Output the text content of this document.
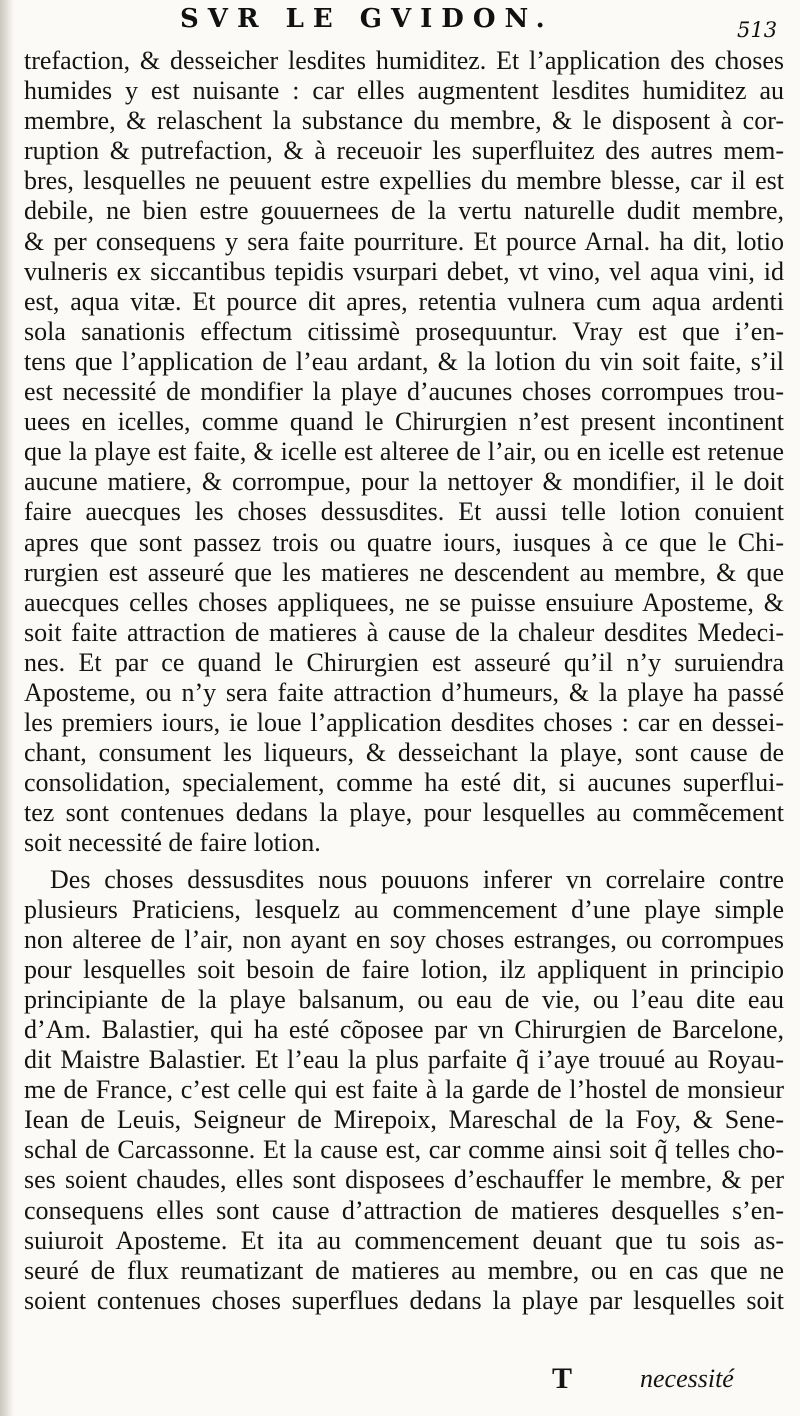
SVR LE GVIDON.	513
trefaction, & desseicher lesdites humiditez. Et l’application des choses
humides y est nuisante : car elles augmentent lesdites humiditez au
membre, & relaschent la substance du membre, & le disposent à cor-
ruption & putrefaction, & à receuoir les superfluitez des autres mem-
bres, lesquelles ne peuuent estre expellies du membre blesse, car il est
debile, ne bien estre gouuernees de la vertu naturelle dudit membre,
& per consequens y sera faite pourriture. Et pource Arnal. ha dit, lotio
vulneris ex siccantibus tepidis vsurpari debet, vt vino, vel aqua vini, id
est, aqua vitæ. Et pource dit apres, retentia vulnera cum aqua ardenti
sola sanationis effectum citissimè prosequuntur. Vray est que i’en-
tens que l’application de l’eau ardant, & la lotion du vin soit faite, s’il
est necessité de mondifier la playe d’aucunes choses corrompues trou-
uees en icelles, comme quand le Chirurgien n’est present incontinent
que la playe est faite, & icelle est alteree de l’air, ou en icelle est retenue
aucune matiere, & corrompue, pour la nettoyer & mondifier, il le doit
faire auecques les choses dessusdites. Et aussi telle lotion conuient
apres que sont passez trois ou quatre iours, iusques à ce que le Chi-
rurgien est asseuré que les matieres ne descendent au membre, & que
auecques celles choses appliquees, ne se puisse ensuiure Aposteme, &
soit faite attraction de matieres à cause de la chaleur desdites Medeci-
nes. Et par ce quand le Chirurgien est asseuré qu’il n’y suruiendra
Aposteme, ou n’y sera faite attraction d’humeurs, & la playe ha passé
les premiers iours, ie loue l’application desdites choses : car en dessei-
chant, consument les liqueurs, & desseichant la playe, sont cause de
consolidation, specialement, comme ha esté dit, si aucunes superflui-
tez sont contenues dedans la playe, pour lesquelles au commẽcement
soit necessité de faire lotion.
Des choses dessusdites nous pouuons inferer vn correlaire contre
plusieurs Praticiens, lesquelz au commencement d’une playe simple
non alteree de l’air, non ayant en soy choses estranges, ou corrompues
pour lesquelles soit besoin de faire lotion, ilz appliquent in principio
principiante de la playe balsanum, ou eau de vie, ou l’eau dite eau
d’Am. Balastier, qui ha esté cõposee par vn Chirurgien de Barcelone,
dit Maistre Balastier. Et l’eau la plus parfaite q̃ i’aye trouué au Royau-
me de France, c’est celle qui est faite à la garde de l’hostel de monsieur
Iean de Leuis, Seigneur de Mirepoix, Mareschal de la Foy, & Sene-
schal de Carcassonne. Et la cause est, car comme ainsi soit q̃ telles cho-
ses soient chaudes, elles sont disposees d’eschauffer le membre, & per
consequens elles sont cause d’attraction de matieres desquelles s’en-
suiuroit Aposteme. Et ita au commencement deuant que tu sois as-
seuré de flux reumatizant de matieres au membre, ou en cas que ne
soient contenues choses superflues dedans la playe par lesquelles soit
T	necessité
